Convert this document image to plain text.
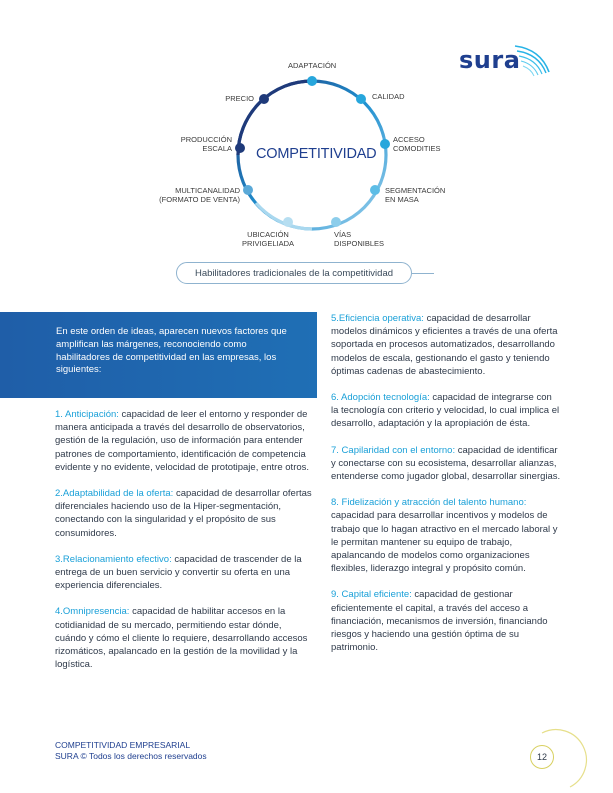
sura
ADAPTACIÓN
CALIDAD
ACCESO
COMODITIES
SEGMENTACIÓN
EN MASA
VÍAS
DISPONIBLES
UBICACIÓN
PRIVIGELIADA
MULTICANALIDAD
(FORMATO DE VENTA)
PRODUCCIÓN
ESCALA
PRECIO
COMPETITIVIDAD
Habilitadores tradicionales de la competitividad

En este orden de ideas, aparecen nuevos factores que amplifican las márgenes, reconociendo como habilitadores de competitividad en las empresas, los siguientes:

1. Anticipación: capacidad de leer el entorno y responder de manera anticipada a través del desarrollo de observatorios, gestión de la regulación, uso de información para entender patrones de comportamiento, identificación de competencia evidente y no evidente, velocidad de prototipaje, entre otros.
2.Adaptabilidad de la oferta: capacidad de desarrollar ofertas diferenciales haciendo uso de la Hiper-segmentación, conectando con la singularidad y el propósito de sus consumidores.
3.Relacionamiento efectivo: capacidad de trascender de la entrega de un buen servicio y convertir su oferta en una experiencia diferenciales.
4.Omnipresencia: capacidad de habilitar accesos en la cotidianidad de su mercado, permitiendo estar dónde, cuándo y cómo el cliente lo requiere, desarrollando accesos rizomáticos, apalancado en la gestión de la movilidad y la logística.
5.Eficiencia operativa: capacidad de desarrollar modelos dinámicos y eficientes a través de una oferta soportada en procesos automatizados, desarrollando modelos de escala, gestionando el gasto y teniendo óptimas cadenas de abastecimiento.
6. Adopción tecnología: capacidad de integrarse con la tecnología con criterio y velocidad, lo cual implica el desarrollo, adaptación y la apropiación de ésta.
7. Capilaridad con el entorno: capacidad de identificar y conectarse con su ecosistema, desarrollar alianzas, entenderse como jugador global, desarrollar sinergias.
8. Fidelización y atracción del talento humano: capacidad para desarrollar incentivos y modelos de trabajo que lo hagan atractivo en el mercado laboral y le permitan mantener su equipo de trabajo, apalancando de modelos como organizaciones flexibles, liderazgo integral y propósito común.
9. Capital eficiente: capacidad de gestionar eficientemente el capital, a través del acceso a financiación, mecanismos de inversión, financiando riesgos y haciendo una gestión óptima de su patrimonio.
COMPETITIVIDAD EMPRESARIAL
SURA © Todos los derechos reservados	12
